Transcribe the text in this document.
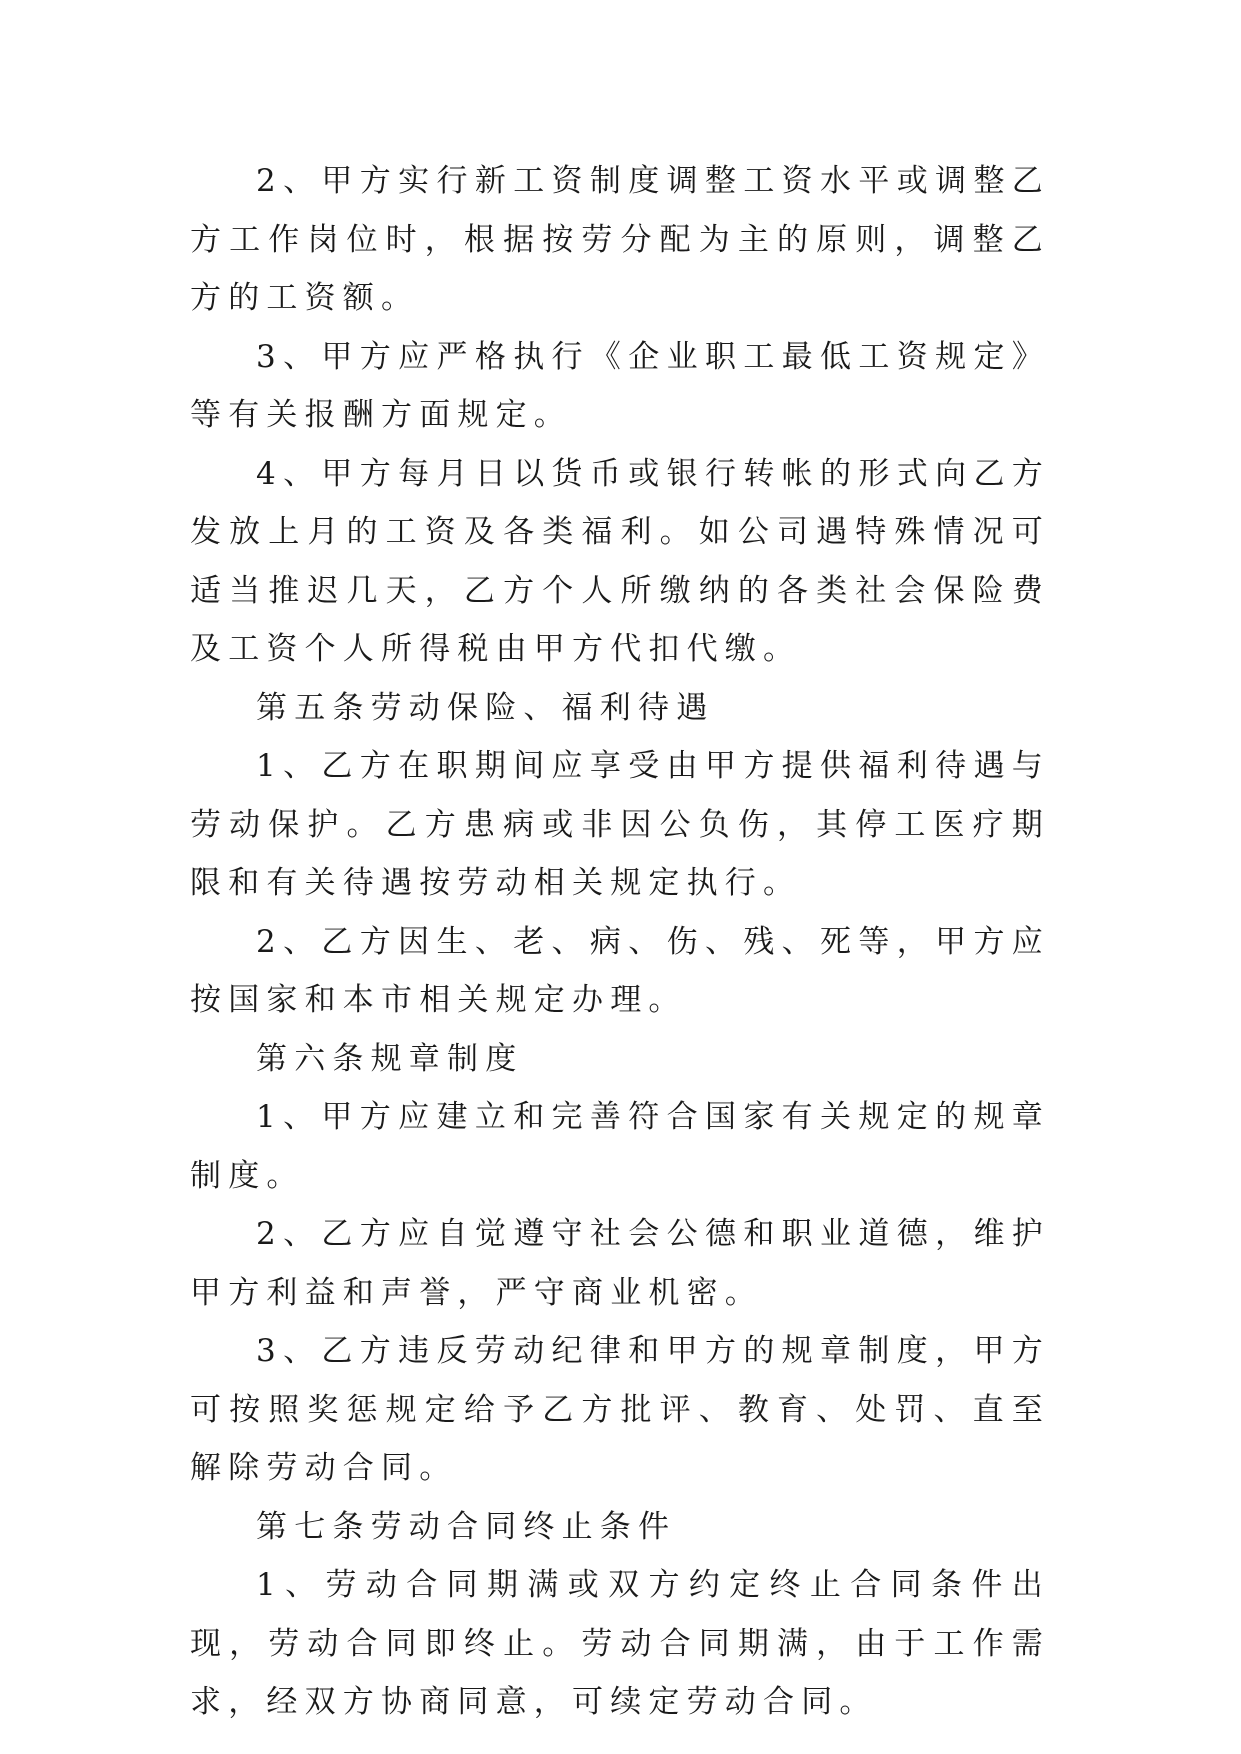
2、甲方实行新工资制度调整工资水平或调整乙方工作岗位时，根据按劳分配为主的原则，调整乙方的工资额。

3、甲方应严格执行《企业职工最低工资规定》等有关报酬方面规定。

4、甲方每月日以货币或银行转帐的形式向乙方发放上月的工资及各类福利。如公司遇特殊情况可适当推迟几天，乙方个人所缴纳的各类社会保险费及工资个人所得税由甲方代扣代缴。

第五条劳动保险、福利待遇

1、乙方在职期间应享受由甲方提供福利待遇与劳动保护。乙方患病或非因公负伤，其停工医疗期限和有关待遇按劳动相关规定执行。

2、乙方因生、老、病、伤、残、死等，甲方应按国家和本市相关规定办理。

第六条规章制度

1、甲方应建立和完善符合国家有关规定的规章制度。

2、乙方应自觉遵守社会公德和职业道德，维护甲方利益和声誉，严守商业机密。

3、乙方违反劳动纪律和甲方的规章制度，甲方可按照奖惩规定给予乙方批评、教育、处罚、直至解除劳动合同。

第七条劳动合同终止条件

1、劳动合同期满或双方约定终止合同条件出现，劳动合同即终止。劳动合同期满，由于工作需求，经双方协商同意，可续定劳动合同。
